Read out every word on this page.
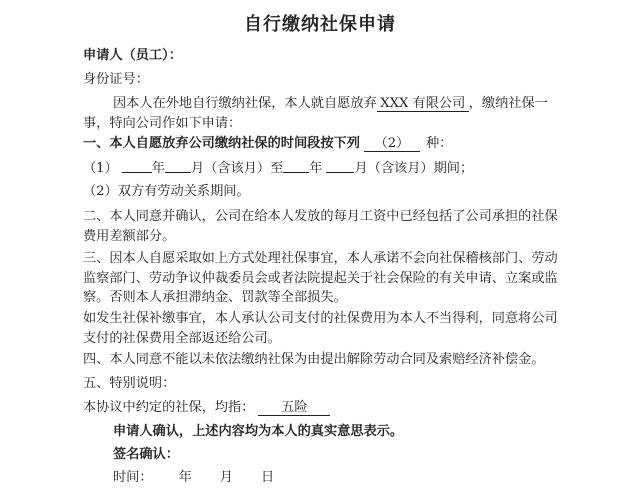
自行缴纳社保申请
申请人（员工）：
身份证号：
因本人在外地自行缴纳社保，本人就自愿放弃 XXX 有限公司 ，缴纳社保一
事，特向公司作如下申请：
一、本人自愿放弃公司缴纳社保的时间段按下列 （2） 种：
（1）	年 月（含该月）至 年 月（含该月）期间；
（2）双方有劳动关系期间。
二、本人同意并确认，公司在给本人发放的每月工资中已经包括了公司承担的社保
费用差额部分。
三、因本人自愿采取如上方式处理社保事宜，本人承诺不会向社保稽核部门、劳动
监察部门、劳动争议仲裁委员会或者法院提起关于社会保险的有关申请、立案或监
察。否则本人承担滞纳金、罚款等全部损失。
如发生社保补缴事宜，本人承认公司支付的社保费用为本人不当得利，同意将公司
支付的社保费用全部返还给公司。
四、本人同意不能以未依法缴纳社保为由提出解除劳动合同及索赔经济补偿金。
五、特别说明：
本协议中约定的社保，均指： 五险
申请人确认，上述内容均为本人的真实意思表示。
签名确认：
时间： 年 月 日
